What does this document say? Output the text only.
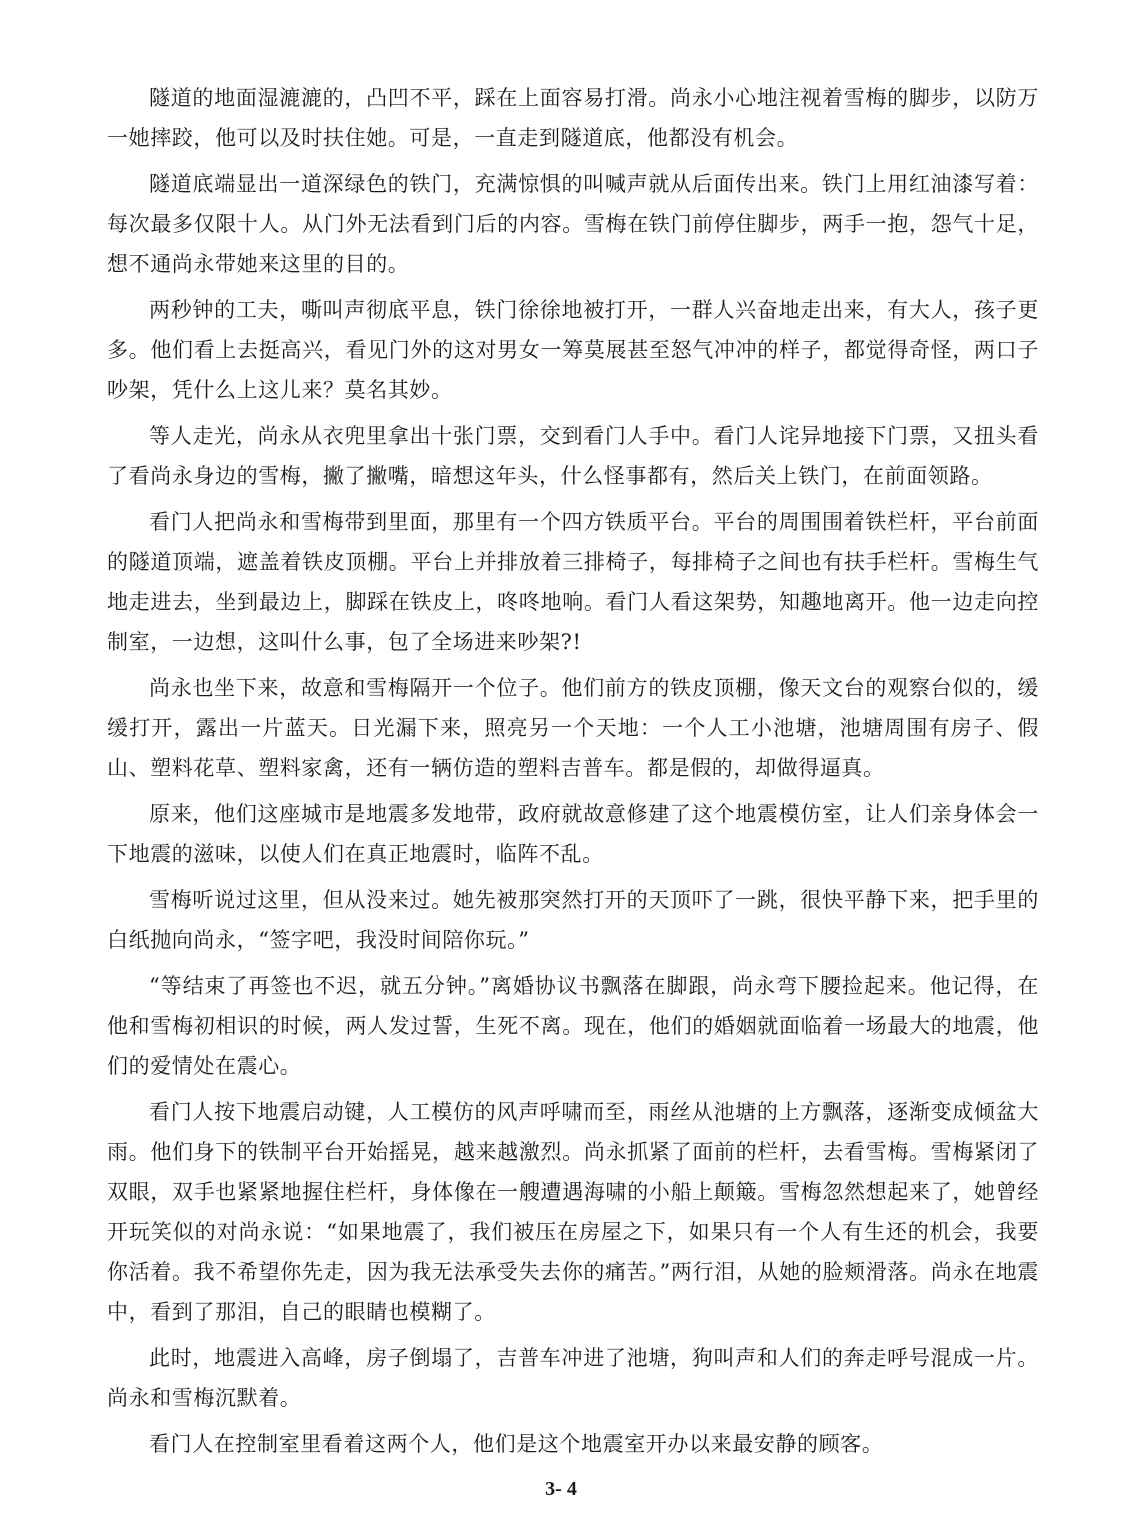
隧道的地面湿漉漉的，凸凹不平，踩在上面容易打滑。尚永小心地注视着雪梅的脚步，以防万一她摔跤，他可以及时扶住她。可是，一直走到隧道底，他都没有机会。

隧道底端显出一道深绿色的铁门，充满惊惧的叫喊声就从后面传出来。铁门上用红油漆写着：每次最多仅限十人。从门外无法看到门后的内容。雪梅在铁门前停住脚步，两手一抱，怨气十足，想不通尚永带她来这里的目的。

两秒钟的工夫，嘶叫声彻底平息，铁门徐徐地被打开，一群人兴奋地走出来，有大人，孩子更多。他们看上去挺高兴，看见门外的这对男女一筹莫展甚至怒气冲冲的样子，都觉得奇怪，两口子吵架，凭什么上这儿来？莫名其妙。

等人走光，尚永从衣兜里拿出十张门票，交到看门人手中。看门人诧异地接下门票，又扭头看了看尚永身边的雪梅，撇了撇嘴，暗想这年头，什么怪事都有，然后关上铁门，在前面领路。

看门人把尚永和雪梅带到里面，那里有一个四方铁质平台。平台的周围围着铁栏杆，平台前面的隧道顶端，遮盖着铁皮顶棚。平台上并排放着三排椅子，每排椅子之间也有扶手栏杆。雪梅生气地走进去，坐到最边上，脚踩在铁皮上，咚咚地响。看门人看这架势，知趣地离开。他一边走向控制室，一边想，这叫什么事，包了全场进来吵架?!

尚永也坐下来，故意和雪梅隔开一个位子。他们前方的铁皮顶棚，像天文台的观察台似的，缓缓打开，露出一片蓝天。日光漏下来，照亮另一个天地：一个人工小池塘，池塘周围有房子、假山、塑料花草、塑料家禽，还有一辆仿造的塑料吉普车。都是假的，却做得逼真。

原来，他们这座城市是地震多发地带，政府就故意修建了这个地震模仿室，让人们亲身体会一下地震的滋味，以使人们在真正地震时，临阵不乱。

雪梅听说过这里，但从没来过。她先被那突然打开的天顶吓了一跳，很快平静下来，把手里的白纸抛向尚永，“签字吧，我没时间陪你玩。”

“等结束了再签也不迟，就五分钟。”离婚协议书飘落在脚跟，尚永弯下腰捡起来。他记得，在他和雪梅初相识的时候，两人发过誓，生死不离。现在，他们的婚姻就面临着一场最大的地震，他们的爱情处在震心。

看门人按下地震启动键，人工模仿的风声呼啸而至，雨丝从池塘的上方飘落，逐渐变成倾盆大雨。他们身下的铁制平台开始摇晃，越来越激烈。尚永抓紧了面前的栏杆，去看雪梅。雪梅紧闭了双眼，双手也紧紧地握住栏杆，身体像在一艘遭遇海啸的小船上颠簸。雪梅忽然想起来了，她曾经开玩笑似的对尚永说：“如果地震了，我们被压在房屋之下，如果只有一个人有生还的机会，我要你活着。我不希望你先走，因为我无法承受失去你的痛苦。”两行泪，从她的脸颊滑落。尚永在地震中，看到了那泪，自己的眼睛也模糊了。

此时，地震进入高峰，房子倒塌了，吉普车冲进了池塘，狗叫声和人们的奔走呼号混成一片。尚永和雪梅沉默着。

看门人在控制室里看着这两个人，他们是这个地震室开办以来最安静的顾客。

3- 4
